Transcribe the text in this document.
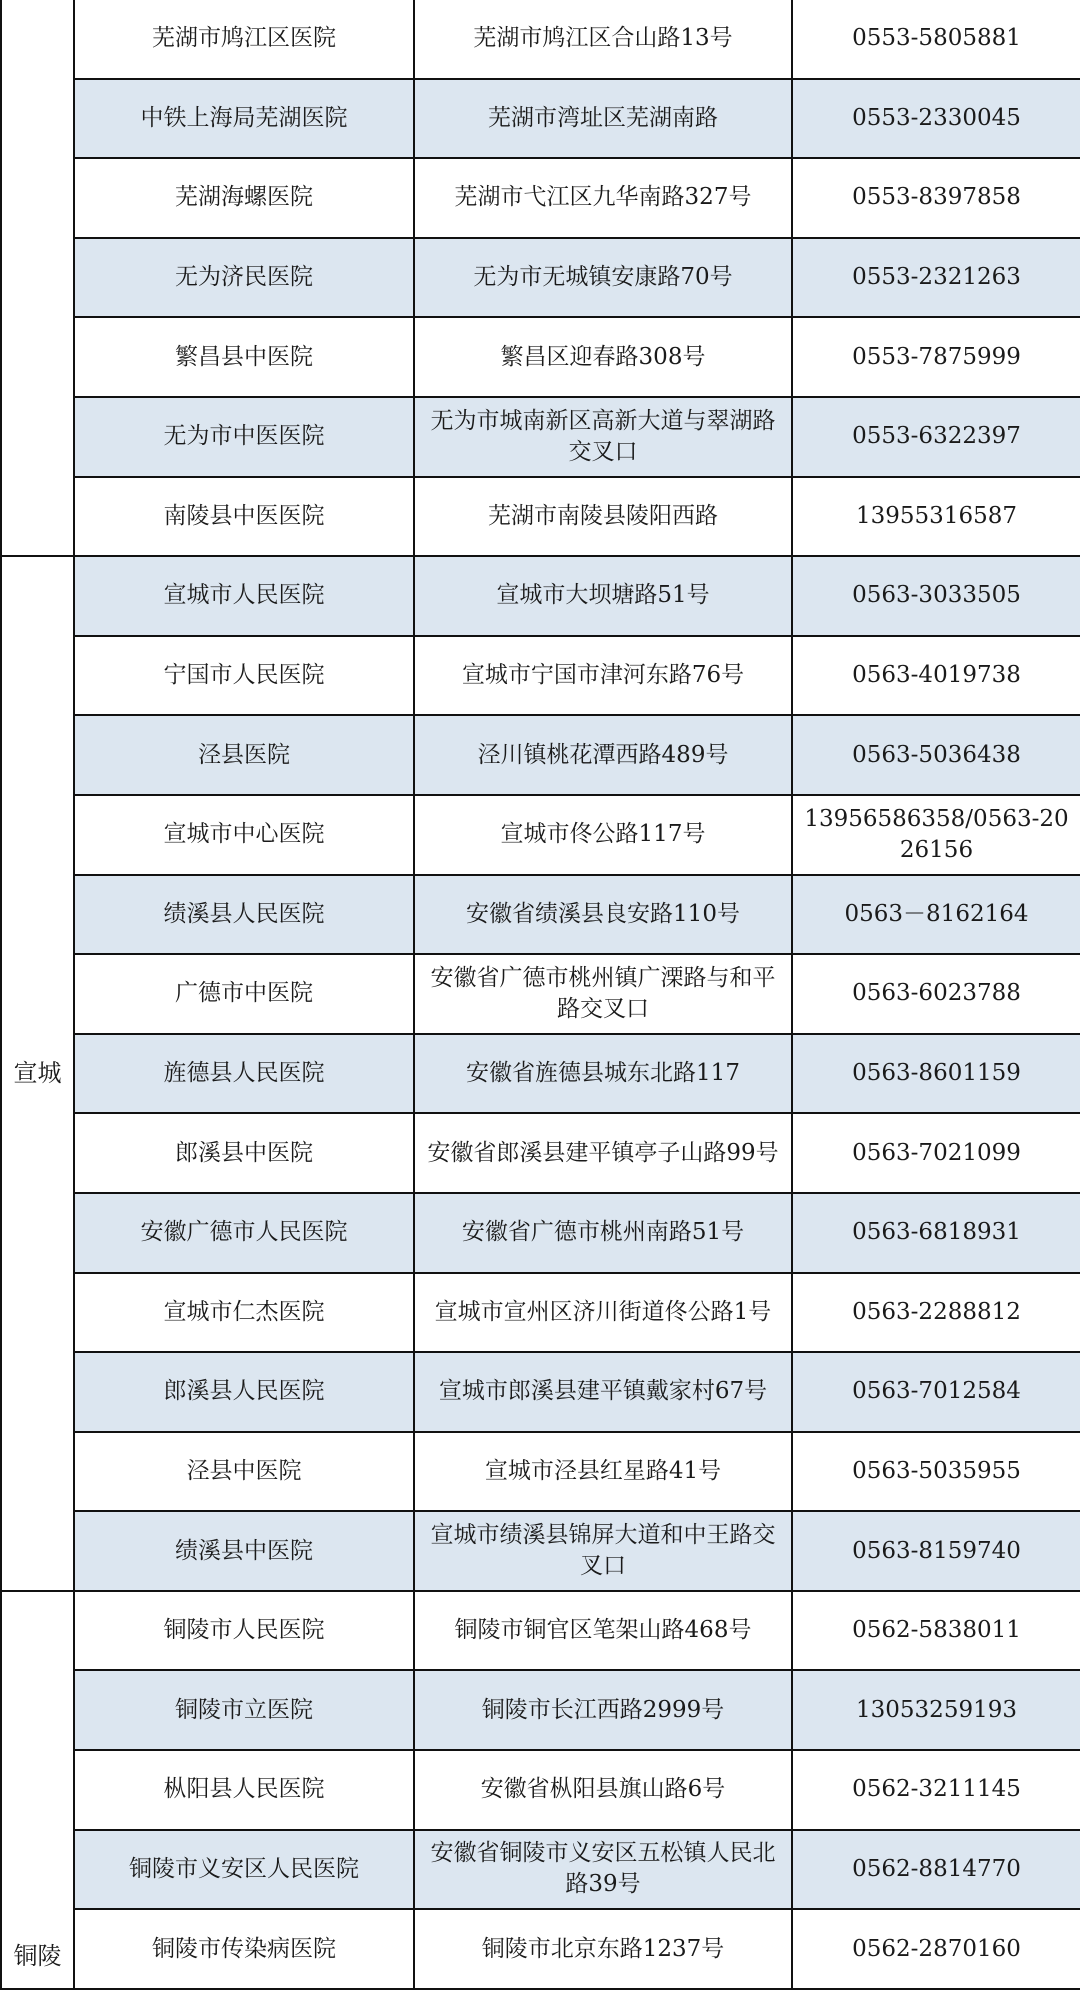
	芜湖市鸠江区医院	芜湖市鸠江区合山路13号	0553-5805881
	中铁上海局芜湖医院	芜湖市湾址区芜湖南路	0553-2330045
	芜湖海螺医院	芜湖市弋江区九华南路327号	0553-8397858
	无为济民医院	无为市无城镇安康路70号	0553-2321263
	繁昌县中医院	繁昌区迎春路308号	0553-7875999
	无为市中医医院	无为市城南新区高新大道与翠湖路交叉口	0553-6322397
	南陵县中医医院	芜湖市南陵县陵阳西路	13955316587
宣城	宣城市人民医院	宣城市大坝塘路51号	0563-3033505
	宁国市人民医院	宣城市宁国市津河东路76号	0563-4019738
	泾县医院	泾川镇桃花潭西路489号	0563-5036438
	宣城市中心医院	宣城市佟公路117号	13956586358/0563-2026156
	绩溪县人民医院	安徽省绩溪县良安路110号	0563－8162164
	广德市中医院	安徽省广德市桃州镇广溧路与和平路交叉口	0563-6023788
	旌德县人民医院	安徽省旌德县城东北路117	0563-8601159
	郎溪县中医院	安徽省郎溪县建平镇亭子山路99号	0563-7021099
	安徽广德市人民医院	安徽省广德市桃州南路51号	0563-6818931
	宣城市仁杰医院	宣城市宣州区济川街道佟公路1号	0563-2288812
	郎溪县人民医院	宣城市郎溪县建平镇戴家村67号	0563-7012584
	泾县中医院	宣城市泾县红星路41号	0563-5035955
	绩溪县中医院	宣城市绩溪县锦屏大道和中王路交叉口	0563-8159740
铜陵	铜陵市人民医院	铜陵市铜官区笔架山路468号	0562-5838011
	铜陵市立医院	铜陵市长江西路2999号	13053259193
	枞阳县人民医院	安徽省枞阳县旗山路6号	0562-3211145
	铜陵市义安区人民医院	安徽省铜陵市义安区五松镇人民北路39号	0562-8814770
	铜陵市传染病医院	铜陵市北京东路1237号	0562-2870160
